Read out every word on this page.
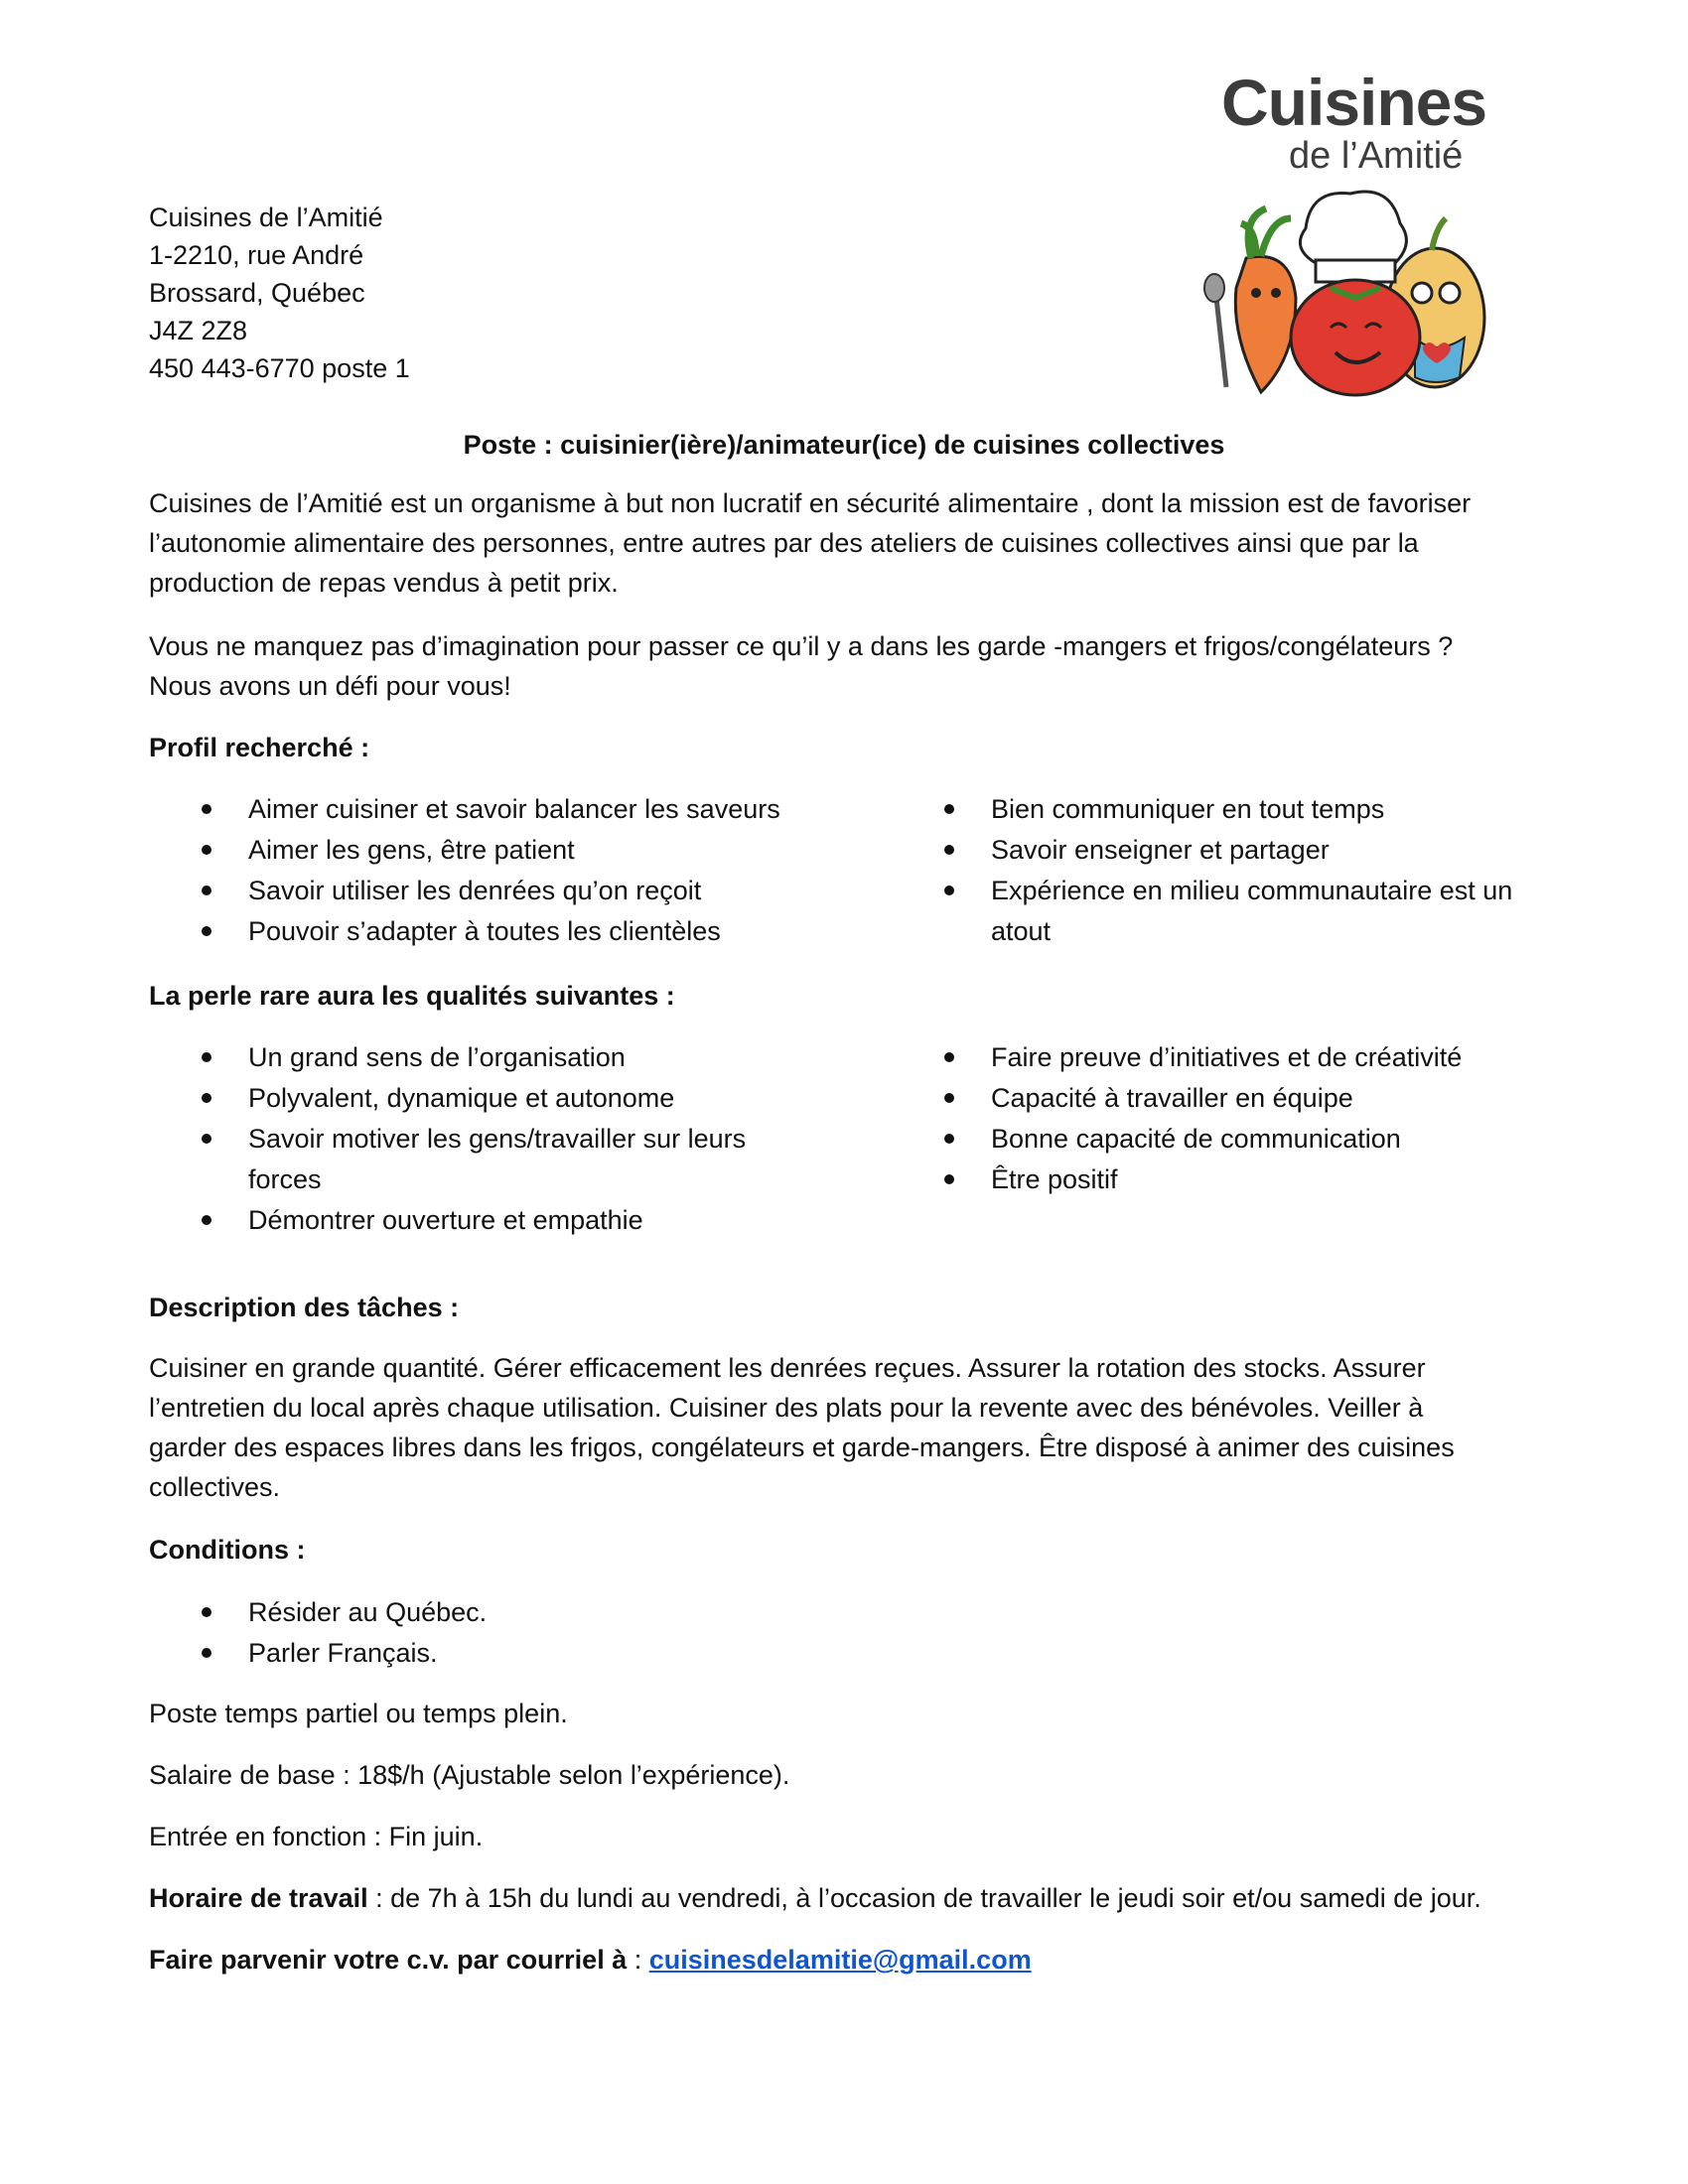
Cuisines
de l’Amitié
Cuisines de l’Amitié
1-2210, rue André
Brossard, Québec
J4Z 2Z8
450 443-6770 poste 1
Poste : cuisinier(ière)/animateur(ice) de cuisines collectives
Cuisines de l’Amitié est un organisme à but non lucratif en sécurité alimentaire , dont la mission est de favoriser
l’autonomie alimentaire des personnes, entre autres par des ateliers de cuisines collectives ainsi que par la
production de repas vendus à petit prix.
Vous ne manquez pas d’imagination pour passer ce qu’il y a dans les garde -mangers et frigos/congélateurs ?
Nous avons un défi pour vous!
Profil recherché :
Aimer cuisiner et savoir balancer les saveurs
Aimer les gens, être patient
Savoir utiliser les denrées qu’on reçoit
Pouvoir s’adapter à toutes les clientèles
Bien communiquer en tout temps
Savoir enseigner et partager
Expérience en milieu communautaire est un
atout
La perle rare aura les qualités suivantes :
Un grand sens de l’organisation
Polyvalent, dynamique et autonome
Savoir motiver les gens/travailler sur leurs
forces
Démontrer ouverture et empathie
Faire preuve d’initiatives et de créativité
Capacité à travailler en équipe
Bonne capacité de communication
Être positif
Description des tâches :
Cuisiner en grande quantité. Gérer efficacement les denrées reçues. Assurer la rotation des stocks. Assurer
l’entretien du local après chaque utilisation. Cuisiner des plats pour la revente avec des bénévoles. Veiller à
garder des espaces libres dans les frigos, congélateurs et garde-mangers. Être disposé à animer des cuisines
collectives.
Conditions :
Résider au Québec.
Parler Français.
Poste temps partiel ou temps plein.
Salaire de base : 18$/h (Ajustable selon l’expérience).
Entrée en fonction : Fin juin.
Horaire de travail : de 7h à 15h du lundi au vendredi, à l’occasion de travailler le jeudi soir et/ou samedi de jour.
Faire parvenir votre c.v. par courriel à : cuisinesdelamitie@gmail.com
